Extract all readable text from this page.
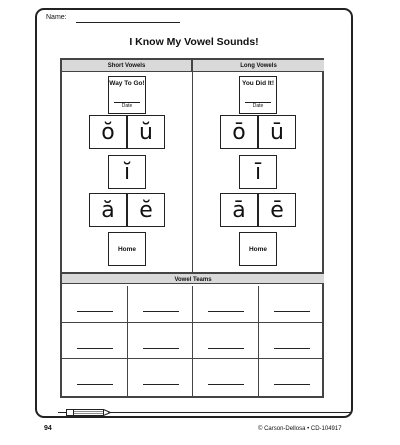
Name:
I Know My Vowel Sounds!
Short Vowels	Long Vowels
Way To Go!
Date
ŏ	ŭ
ĭ
ă	ĕ
Home
You Did It!
Date
ō	ū
ī
ā	ē
Home
Vowel Teams
94	© Carson-Dellosa • CD-104917
